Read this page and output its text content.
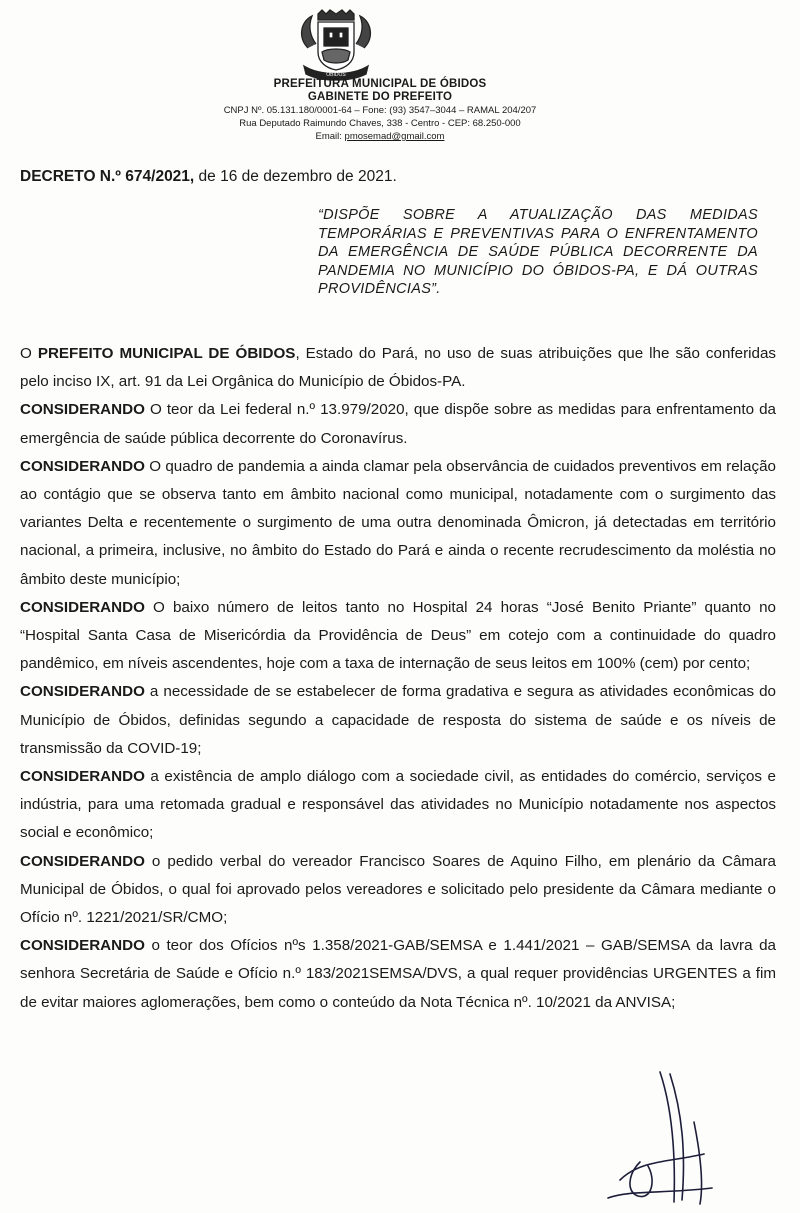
ÓBIDOS
PREFEITURA MUNICIPAL DE ÓBIDOS
GABINETE DO PREFEITO
CNPJ Nº. 05.131.180/0001-64 – Fone: (93) 3547–3044 – RAMAL 204/207
Rua Deputado Raimundo Chaves, 338 - Centro - CEP: 68.250-000
Email: pmosemad@gmail.com
DECRETO N.º 674/2021, de 16 de dezembro de 2021.
“DISPÕE SOBRE A ATUALIZAÇÃO DAS MEDIDAS TEMPORÁRIAS E PREVENTIVAS PARA O ENFRENTAMENTO DA EMERGÊNCIA DE SAÚDE PÚBLICA DECORRENTE DA PANDEMIA NO MUNICÍPIO DO ÓBIDOS-PA, E DÁ OUTRAS PROVIDÊNCIAS”.

O PREFEITO MUNICIPAL DE ÓBIDOS, Estado do Pará, no uso de suas atribuições que lhe são conferidas pelo inciso IX, art. 91 da Lei Orgânica do Município de Óbidos-PA.

CONSIDERANDO O teor da Lei federal n.º 13.979/2020, que dispõe sobre as medidas para enfrentamento da emergência de saúde pública decorrente do Coronavírus.

CONSIDERANDO O quadro de pandemia a ainda clamar pela observância de cuidados preventivos em relação ao contágio que se observa tanto em âmbito nacional como municipal, notadamente com o surgimento das variantes Delta e recentemente o surgimento de uma outra denominada Ômicron, já detectadas em território nacional, a primeira, inclusive, no âmbito do Estado do Pará e ainda o recente recrudescimento da moléstia no âmbito deste município;

CONSIDERANDO O baixo número de leitos tanto no Hospital 24 horas “José Benito Priante” quanto no “Hospital Santa Casa de Misericórdia da Providência de Deus” em cotejo com a continuidade do quadro pandêmico, em níveis ascendentes, hoje com a taxa de internação de seus leitos em 100% (cem) por cento;

CONSIDERANDO a necessidade de se estabelecer de forma gradativa e segura as atividades econômicas do Município de Óbidos, definidas segundo a capacidade de resposta do sistema de saúde e os níveis de transmissão da COVID-19;

CONSIDERANDO a existência de amplo diálogo com a sociedade civil, as entidades do comércio, serviços e indústria, para uma retomada gradual e responsável das atividades no Município notadamente nos aspectos social e econômico;

CONSIDERANDO o pedido verbal do vereador Francisco Soares de Aquino Filho, em plenário da Câmara Municipal de Óbidos, o qual foi aprovado pelos vereadores e solicitado pelo presidente da Câmara mediante o Ofício nº. 1221/2021/SR/CMO;

CONSIDERANDO o teor dos Ofícios nºs 1.358/2021-GAB/SEMSA e 1.441/2021 – GAB/SEMSA da lavra da senhora Secretária de Saúde e Ofício n.º 183/2021SEMSA/DVS, a qual requer providências URGENTES a fim de evitar maiores aglomerações, bem como o conteúdo da Nota Técnica nº. 10/2021 da ANVISA;
